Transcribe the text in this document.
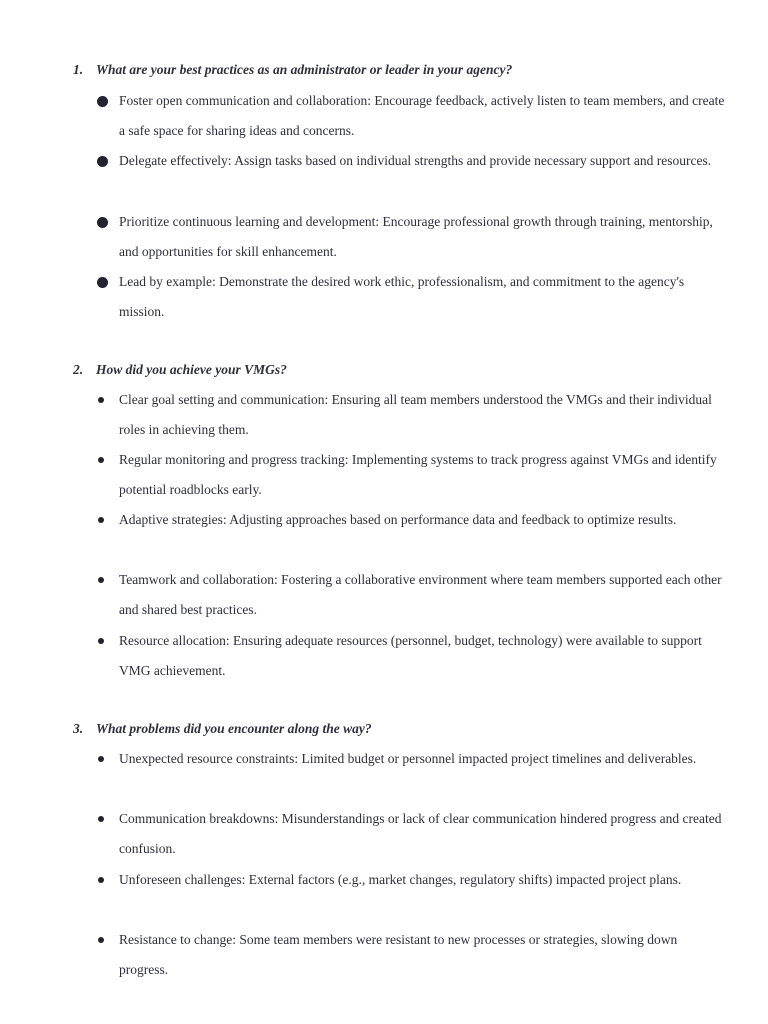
1. What are your best practices as an administrator or leader in your agency?
Foster open communication and collaboration: Encourage feedback, actively listen to team members, and create a safe space for sharing ideas and concerns.
Delegate effectively: Assign tasks based on individual strengths and provide necessary support and resources.
Prioritize continuous learning and development: Encourage professional growth through training, mentorship, and opportunities for skill enhancement.
Lead by example: Demonstrate the desired work ethic, professionalism, and commitment to the agency's mission.
2. How did you achieve your VMGs?
Clear goal setting and communication: Ensuring all team members understood the VMGs and their individual roles in achieving them.
Regular monitoring and progress tracking: Implementing systems to track progress against VMGs and identify potential roadblocks early.
Adaptive strategies: Adjusting approaches based on performance data and feedback to optimize results.
Teamwork and collaboration: Fostering a collaborative environment where team members supported each other and shared best practices.
Resource allocation: Ensuring adequate resources (personnel, budget, technology) were available to support VMG achievement.
3. What problems did you encounter along the way?
Unexpected resource constraints: Limited budget or personnel impacted project timelines and deliverables.
Communication breakdowns: Misunderstandings or lack of clear communication hindered progress and created confusion.
Unforeseen challenges: External factors (e.g., market changes, regulatory shifts) impacted project plans.
Resistance to change: Some team members were resistant to new processes or strategies, slowing down progress.
